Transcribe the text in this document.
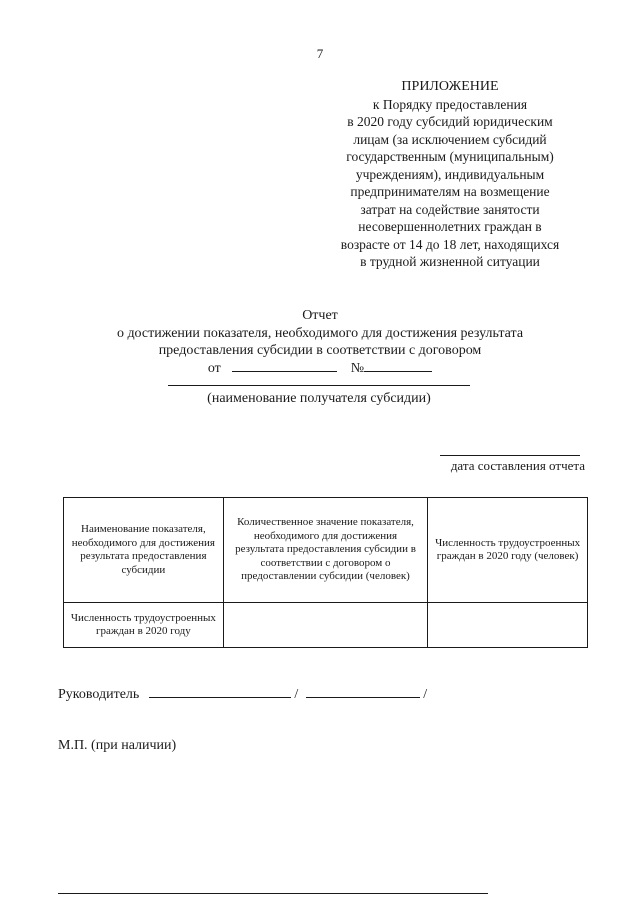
7
ПРИЛОЖЕНИЕ
к Порядку предоставления
в 2020 году субсидий юридическим
лицам (за исключением субсидий
государственным (муниципальным)
учреждениям), индивидуальным
предпринимателям на возмещение
затрат на содействие занятости
несовершеннолетних граждан в
возрасте от 14 до 18 лет, находящихся
в трудной жизненной ситуации
Отчет
о достижении показателя, необходимого для достижения результата
предоставления субсидии в соответствии с договором
от	№
(наименование получателя субсидии)
дата составления отчета
Наименование показателя, необходимого для достижения результата предоставления субсидии	Количественное значение показателя, необходимого для достижения результата предоставления субсидии в соответствии с договором о предоставлении субсидии (человек)	Численность трудоустроенных граждан в 2020 году (человек)
Численность трудоустроенных граждан в 2020 году		
Руководитель	/	/
М.П. (при наличии)
